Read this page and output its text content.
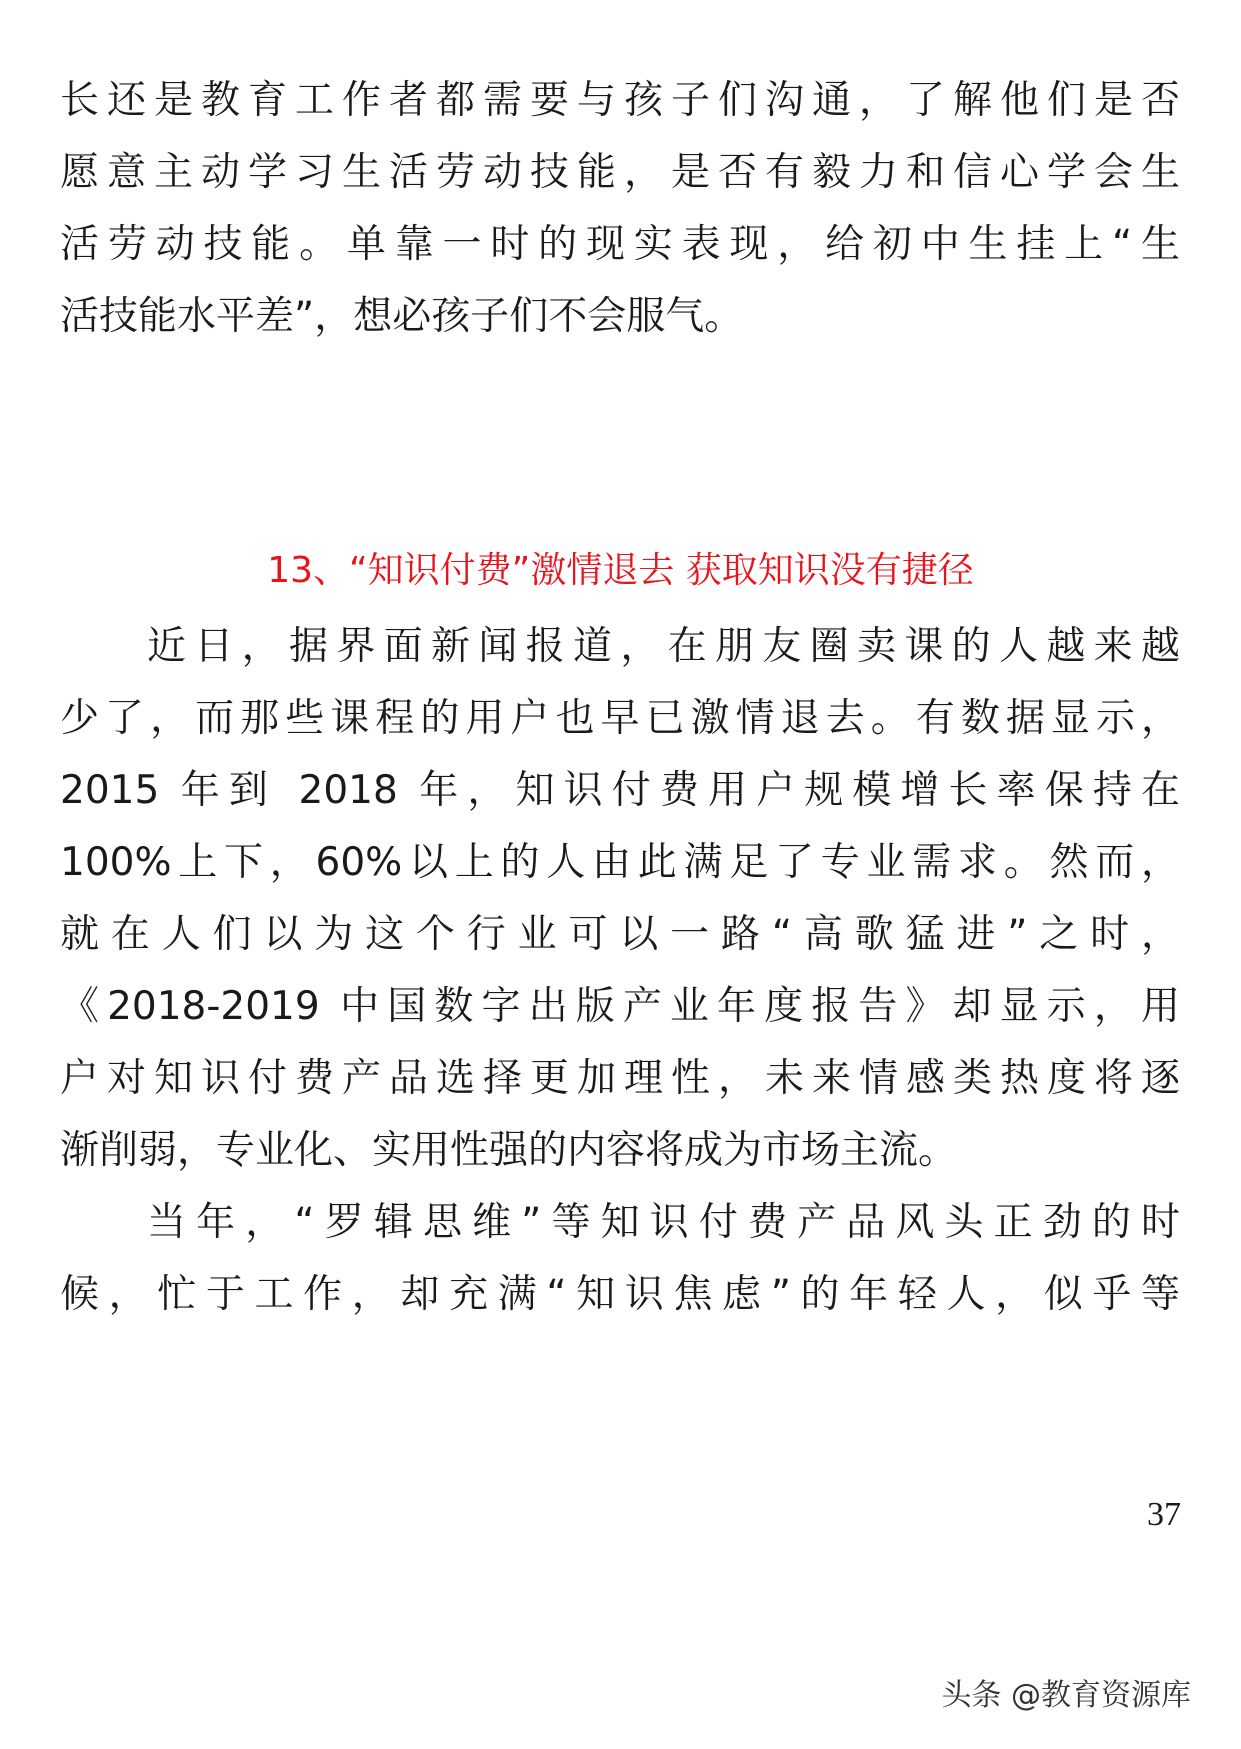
长还是教育工作者都需要与孩子们沟通，了解他们是否
愿意主动学习生活劳动技能，是否有毅力和信心学会生
活劳动技能。单靠一时的现实表现，给初中生挂上“生
活技能水平差”，想必孩子们不会服气。
13、“知识付费”激情退去 获取知识没有捷径
近日，据界面新闻报道，在朋友圈卖课的人越来越
少了，而那些课程的用户也早已激情退去。有数据显示，
2015 年到 2018 年，知识付费用户规模增长率保持在
100%上下，60%以上的人由此满足了专业需求。然而，
就在人们以为这个行业可以一路“高歌猛进”之时，
《2018-2019 中国数字出版产业年度报告》却显示，用
户对知识付费产品选择更加理性，未来情感类热度将逐
渐削弱，专业化、实用性强的内容将成为市场主流。
当年，“罗辑思维”等知识付费产品风头正劲的时
候，忙于工作，却充满“知识焦虑”的年轻人，似乎等
37
头条 @教育资源库
